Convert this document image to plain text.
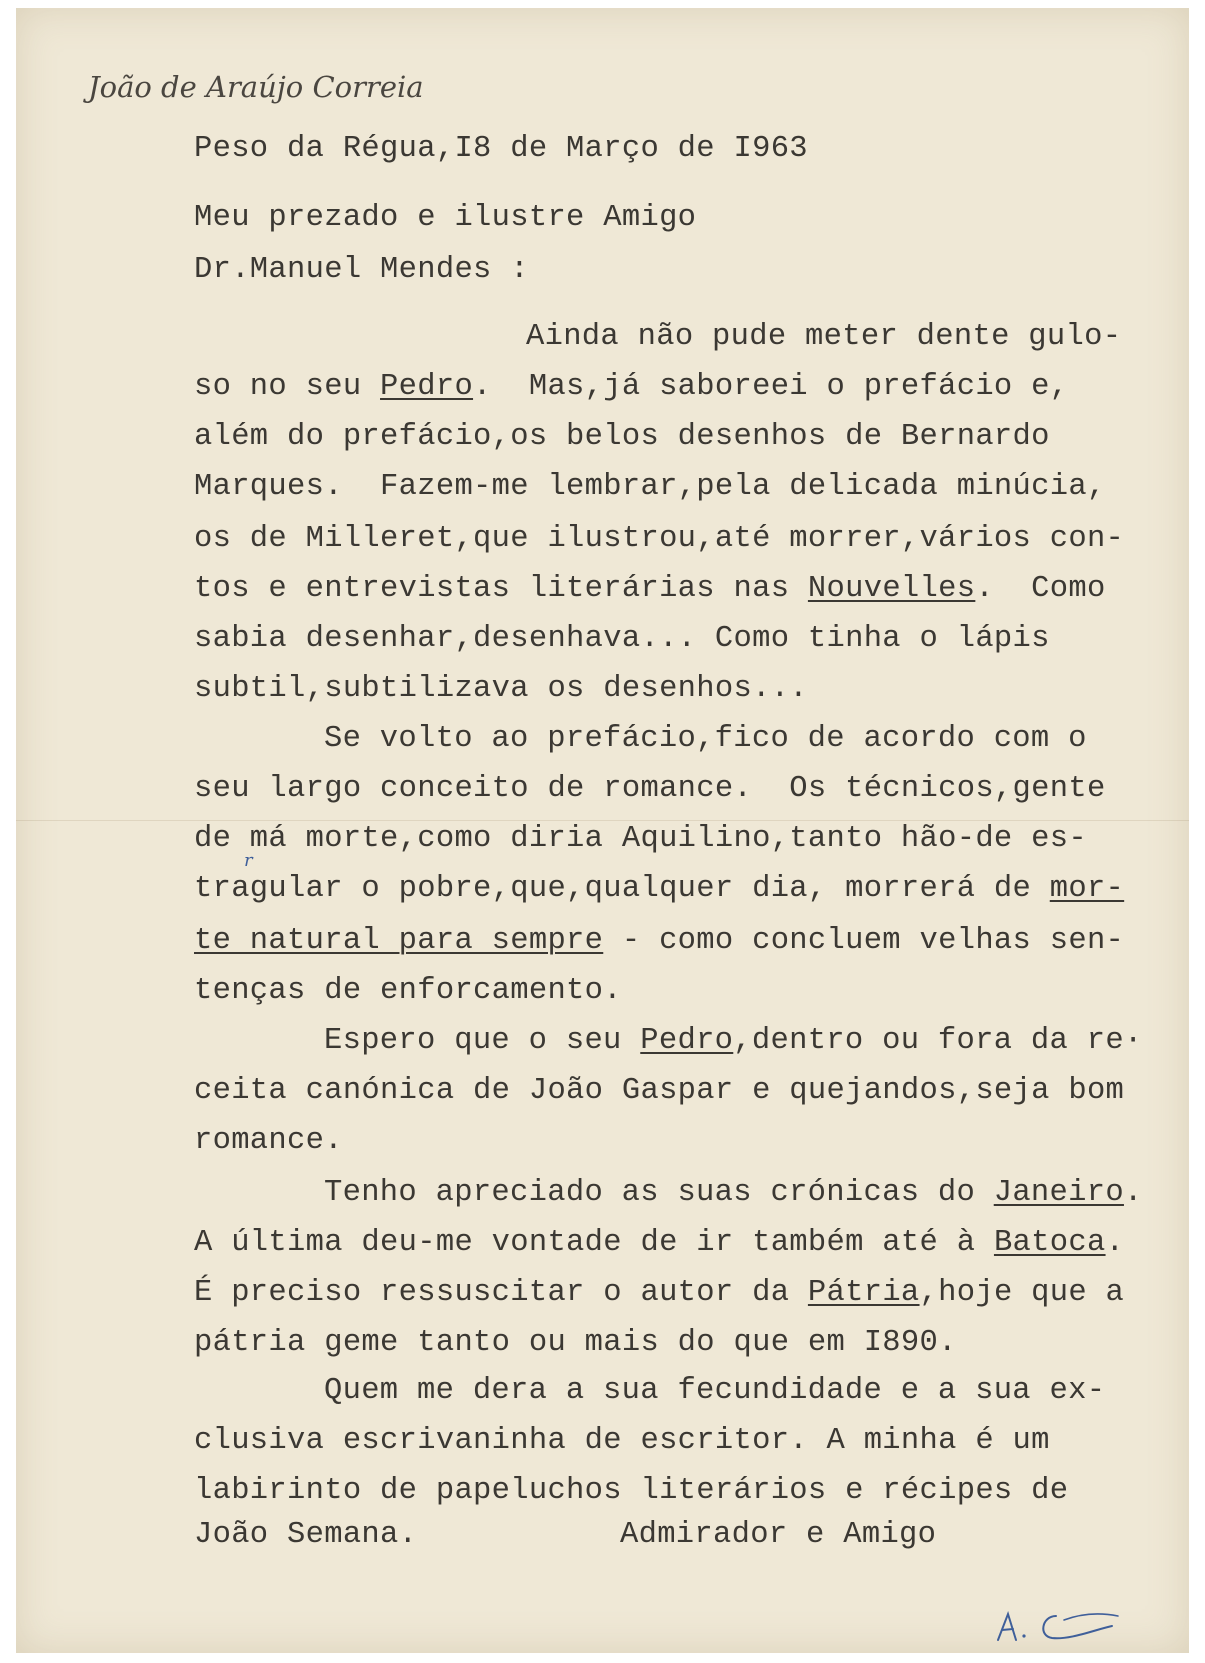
João de Araújo Correia
Peso da Régua,I8 de Março de I963
Meu prezado e ilustre Amigo
Dr.Manuel Mendes :
Ainda não pude meter dente gulo-
so no seu Pedro.  Mas,já saboreei o prefácio e,
além do prefácio,os belos desenhos de Bernardo
Marques.  Fazem-me lembrar,pela delicada minúcia,
os de Milleret,que ilustrou,até morrer,vários con-
tos e entrevistas literárias nas Nouvelles.  Como
sabia desenhar,desenhava... Como tinha o lápis
subtil,subtilizava os desenhos...
Se volto ao prefácio,fico de acordo com o
seu largo conceito de romance.  Os técnicos,gente
de má morte,como diria Aquilino,tanto hão-de es-
tragular o pobre,que,qualquer dia, morrerá de mor-
te natural para sempre - como concluem velhas sen-
tenças de enforcamento.
r
Espero que o seu Pedro,dentro ou fora da re·
ceita canónica de João Gaspar e quejandos,seja bom
romance.
Tenho apreciado as suas crónicas do Janeiro.
A última deu-me vontade de ir também até à Batoca.
É preciso ressuscitar o autor da Pátria,hoje que a
pátria geme tanto ou mais do que em I890.
Quem me dera a sua fecundidade e a sua ex-
clusiva escrivaninha de escritor. A minha é um
labirinto de papeluchos literários e récipes de
João Semana.	Admirador e Amigo
